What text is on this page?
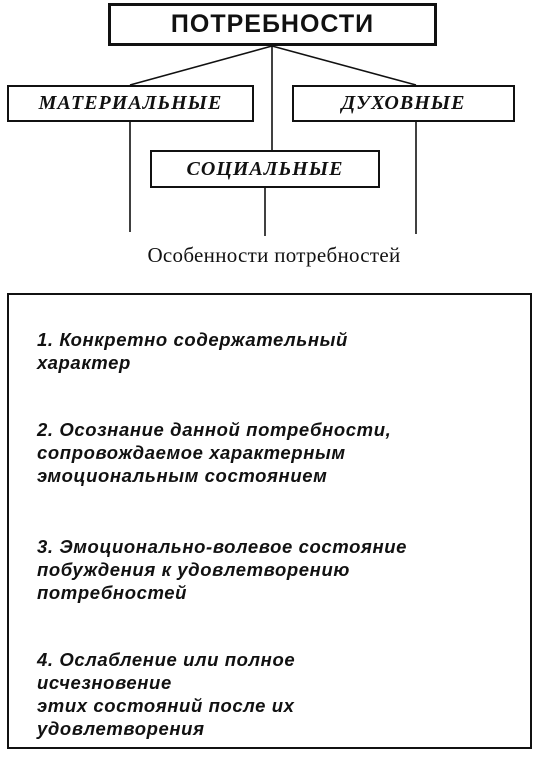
ПОТРЕБНОСТИ
МАТЕРИАЛЬНЫЕ	ДУХОВНЫЕ
СОЦИАЛЬНЫЕ
Особенности потребностей
1. Конкретно содержательный
характер
2. Осознание данной потребности,
сопровождаемое характерным
эмоциональным состоянием
3. Эмоционально-волевое состояние
побуждения к удовлетворению
потребностей
4. Ослабление или полное
исчезновение
этих состояний после их
удовлетворения
